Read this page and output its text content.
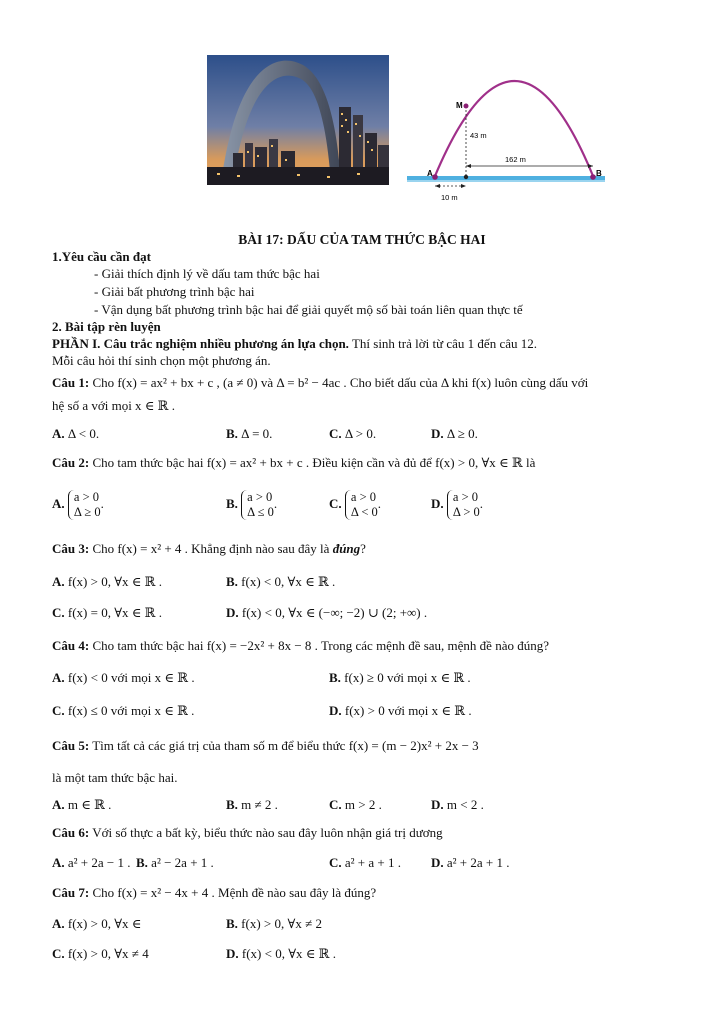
M
A	B
43 m
162 m
10 m
BÀI 17: DẤU CỦA TAM THỨC BẬC HAI
1.Yêu cầu cần đạt
- Giải thích định lý về dấu tam thức bậc hai
- Giải bất phương trình bậc hai
- Vận dụng bất phương trình bậc hai để giải quyết mộ số bài toán liên quan thực tế
2. Bài tập rèn luyện
PHẦN I. Câu trắc nghiệm nhiều phương án lựa chọn. Thí sinh trả lời từ câu 1 đến câu 12.
Mỗi câu hỏi thí sinh chọn một phương án.
Câu 1: Cho f(x) = ax² + bx + c , (a ≠ 0) và Δ = b² − 4ac . Cho biết dấu của Δ khi f(x) luôn cùng dấu với
hệ số a với mọi x ∈ ℝ .
A. Δ < 0.	B. Δ = 0.	C. Δ > 0.	D. Δ ≥ 0.
Câu 2: Cho tam thức bậc hai f(x) = ax² + bx + c . Điều kiện cần và đủ để f(x) > 0, ∀x ∈ ℝ là
A. a > 0
Δ ≥ 0.	B. a > 0
Δ ≤ 0.	C. a > 0
Δ < 0.	D. a > 0
Δ > 0.
Câu 3: Cho f(x) = x² + 4 . Khẳng định nào sau đây là đúng?
A. f(x) > 0, ∀x ∈ ℝ .	B. f(x) < 0, ∀x ∈ ℝ .
C. f(x) = 0, ∀x ∈ ℝ .	D. f(x) < 0, ∀x ∈ (−∞; −2) ∪ (2; +∞) .
Câu 4: Cho tam thức bậc hai f(x) = −2x² + 8x − 8 . Trong các mệnh đề sau, mệnh đề nào đúng?
A. f(x) < 0 với mọi x ∈ ℝ .	B. f(x) ≥ 0 với mọi x ∈ ℝ .
C. f(x) ≤ 0 với mọi x ∈ ℝ .	D. f(x) > 0 với mọi x ∈ ℝ .
Câu 5: Tìm tất cả các giá trị của tham số m để biểu thức f(x) = (m − 2)x² + 2x − 3
là một tam thức bậc hai.
A. m ∈ ℝ .	B. m ≠ 2 .	C. m > 2 .	D. m < 2 .
Câu 6: Với số thực a bất kỳ, biểu thức nào sau đây luôn nhận giá trị dương
A. a² + 2a − 1 . B. a² − 2a + 1 .	C. a² + a + 1 . D. a² + 2a + 1 .
Câu 7: Cho f(x) = x² − 4x + 4 . Mệnh đề nào sau đây là đúng?
A. f(x) > 0, ∀x ∈	B. f(x) > 0, ∀x ≠ 2
C. f(x) > 0, ∀x ≠ 4	D. f(x) < 0, ∀x ∈ ℝ .
